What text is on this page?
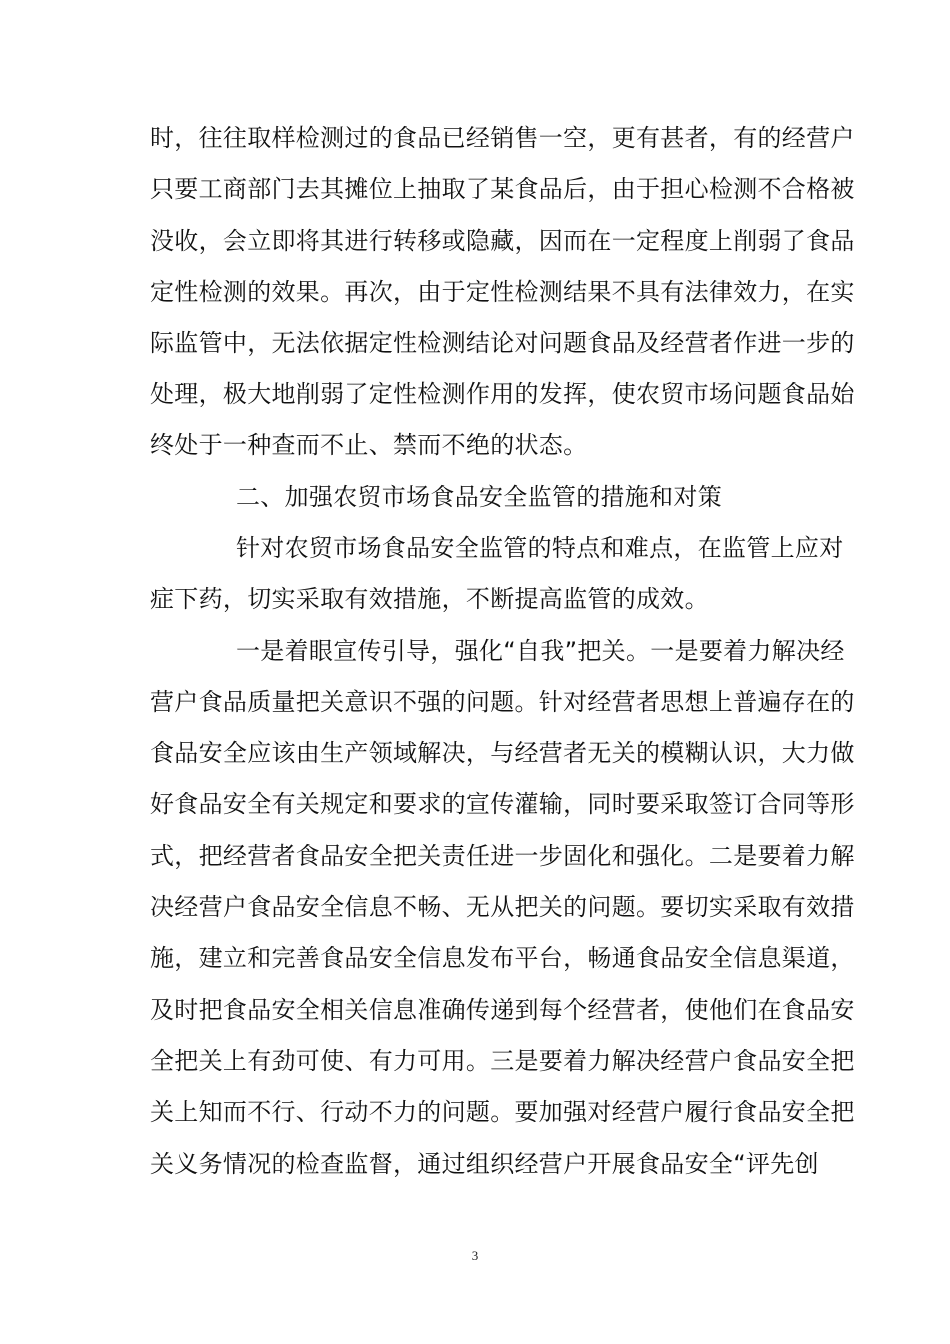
时，往往取样检测过的食品已经销售一空，更有甚者，有的经营户
只要工商部门去其摊位上抽取了某食品后，由于担心检测不合格被
没收，会立即将其进行转移或隐藏，因而在一定程度上削弱了食品
定性检测的效果。再次，由于定性检测结果不具有法律效力，在实
际监管中，无法依据定性检测结论对问题食品及经营者作进一步的
处理，极大地削弱了定性检测作用的发挥，使农贸市场问题食品始
终处于一种查而不止、禁而不绝的状态。
二、加强农贸市场食品安全监管的措施和对策
针对农贸市场食品安全监管的特点和难点，在监管上应对
症下药，切实采取有效措施，不断提高监管的成效。
一是着眼宣传引导，强化“自我”把关。一是要着力解决经
营户食品质量把关意识不强的问题。针对经营者思想上普遍存在的
食品安全应该由生产领域解决，与经营者无关的模糊认识，大力做
好食品安全有关规定和要求的宣传灌输，同时要采取签订合同等形
式，把经营者食品安全把关责任进一步固化和强化。二是要着力解
决经营户食品安全信息不畅、无从把关的问题。要切实采取有效措
施，建立和完善食品安全信息发布平台，畅通食品安全信息渠道，
及时把食品安全相关信息准确传递到每个经营者，使他们在食品安
全把关上有劲可使、有力可用。三是要着力解决经营户食品安全把
关上知而不行、行动不力的问题。要加强对经营户履行食品安全把
关义务情况的检查监督，通过组织经营户开展食品安全“评先创
3
